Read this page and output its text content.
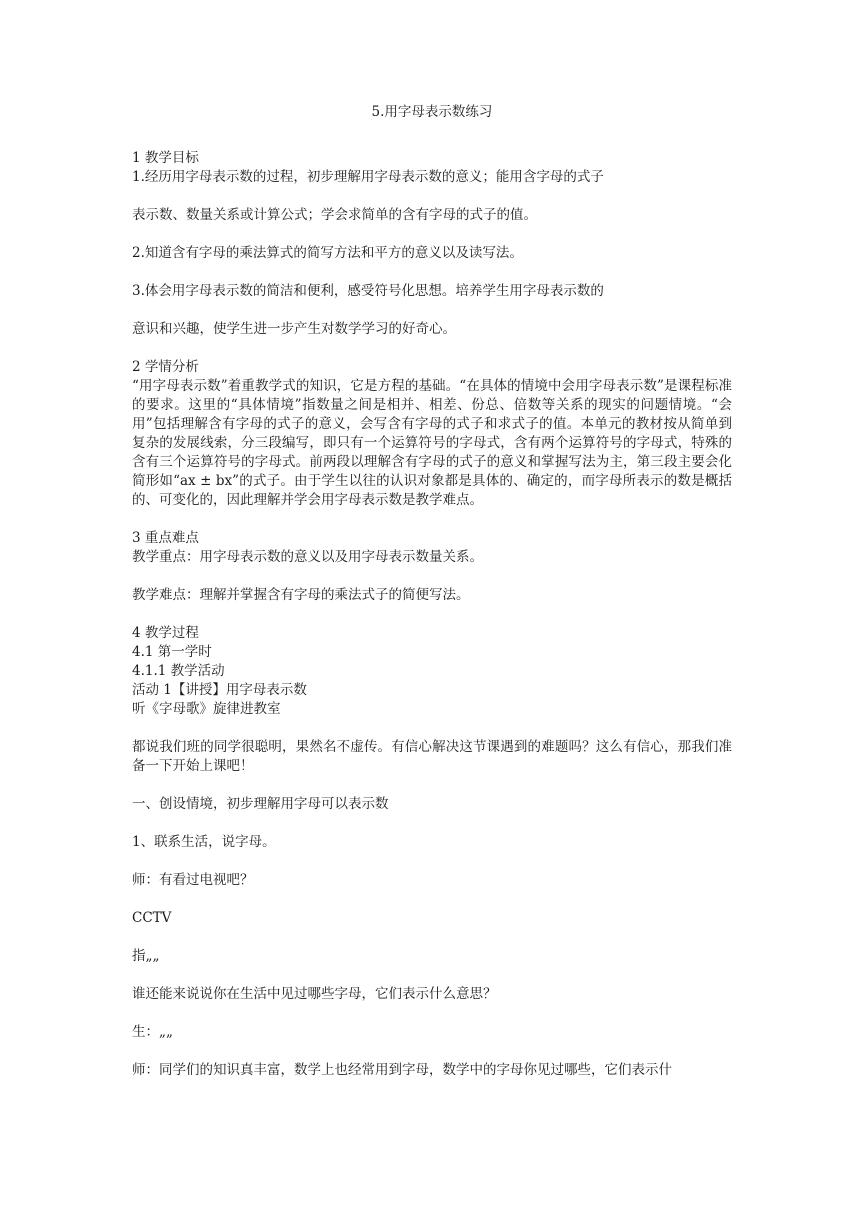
5.用字母表示数练习

1 教学目标

1.经历用字母表示数的过程，初步理解用字母表示数的意义；能用含字母的式子

表示数、数量关系或计算公式；学会求简单的含有字母的式子的值。

2.知道含有字母的乘法算式的简写方法和平方的意义以及读写法。

3.体会用字母表示数的简洁和便利，感受符号化思想。培养学生用字母表示数的

意识和兴趣，使学生进一步产生对数学学习的好奇心。

2 学情分析

“用字母表示数”着重教学式的知识，它是方程的基础。“在具体的情境中会用字母表示数”是课程标准的要求。这里的“具体情境”指数量之间是相并、相差、份总、倍数等关系的现实的问题情境。“会用”包括理解含有字母的式子的意义，会写含有字母的式子和求式子的值。本单元的教材按从简单到复杂的发展线索，分三段编写，即只有一个运算符号的字母式，含有两个运算符号的字母式，特殊的含有三个运算符号的字母式。前两段以理解含有字母的式子的意义和掌握写法为主，第三段主要会化简形如“ax ± bx”的式子。由于学生以往的认识对象都是具体的、确定的，而字母所表示的数是概括的、可变化的，因此理解并学会用字母表示数是教学难点。

3 重点难点

教学重点：用字母表示数的意义以及用字母表示数量关系。

教学难点：理解并掌握含有字母的乘法式子的简便写法。

4 教学过程

4.1 第一学时

4.1.1 教学活动

活动 1【讲授】用字母表示数

听《字母歌》旋律进教室

都说我们班的同学很聪明，果然名不虚传。有信心解决这节课遇到的难题吗？这么有信心，那我们准备一下开始上课吧！

一、创设情境，初步理解用字母可以表示数

1、联系生活，说字母。

师：有看过电视吧？

CCTV

指„„

谁还能来说说你在生活中见过哪些字母，它们表示什么意思？

生：„„

师：同学们的知识真丰富，数学上也经常用到字母，数学中的字母你见过哪些，它们表示什
